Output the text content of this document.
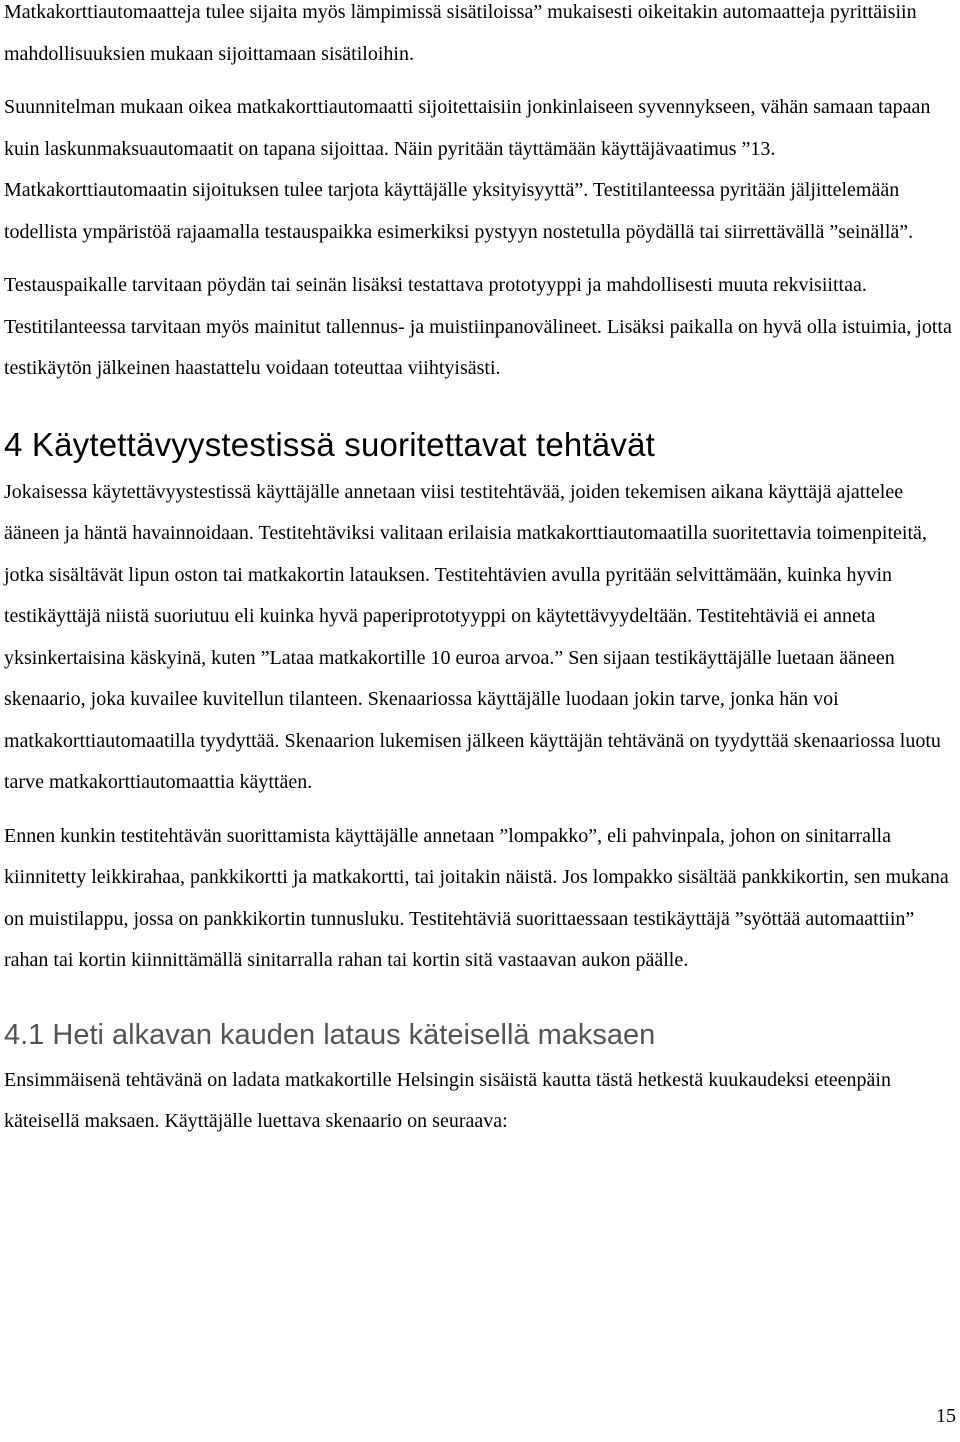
Matkakorttiautomaatteja tulee sijaita myös lämpimissä sisätiloissa” mukaisesti oikeitakin automaatteja pyrittäisiin mahdollisuuksien mukaan sijoittamaan sisätiloihin.

Suunnitelman mukaan oikea matkakorttiautomaatti sijoitettaisiin jonkinlaiseen syvennykseen, vähän samaan tapaan kuin laskunmaksuautomaatit on tapana sijoittaa. Näin pyritään täyttämään käyttäjävaatimus ”13. Matkakorttiautomaatin sijoituksen tulee tarjota käyttäjälle yksityisyyttä”. Testitilanteessa pyritään jäljittelemään todellista ympäristöä rajaamalla testauspaikka esimerkiksi pystyyn nostetulla pöydällä tai siirrettävällä ”seinällä”.

Testauspaikalle tarvitaan pöydän tai seinän lisäksi testattava prototyyppi ja mahdollisesti muuta rekvisiittaa. Testitilanteessa tarvitaan myös mainitut tallennus- ja muistiinpanovälineet. Lisäksi paikalla on hyvä olla istuimia, jotta testikäytön jälkeinen haastattelu voidaan toteuttaa viihtyisästi.

4 Käytettävyystestissä suoritettavat tehtävät

Jokaisessa käytettävyystestissä käyttäjälle annetaan viisi testitehtävää, joiden tekemisen aikana käyttäjä ajattelee ääneen ja häntä havainnoidaan. Testitehtäviksi valitaan erilaisia matkakorttiautomaatilla suoritettavia toimenpiteitä, jotka sisältävät lipun oston tai matkakortin latauksen. Testitehtävien avulla pyritään selvittämään, kuinka hyvin testikäyttäjä niistä suoriutuu eli kuinka hyvä paperiprototyyppi on käytettävyydeltään. Testitehtäviä ei anneta yksinkertaisina käskyinä, kuten ”Lataa matkakortille 10 euroa arvoa.” Sen sijaan testikäyttäjälle luetaan ääneen skenaario, joka kuvailee kuvitellun tilanteen. Skenaariossa käyttäjälle luodaan jokin tarve, jonka hän voi matkakorttiautomaatilla tyydyttää. Skenaarion lukemisen jälkeen käyttäjän tehtävänä on tyydyttää skenaariossa luotu tarve matkakorttiautomaattia käyttäen.

Ennen kunkin testitehtävän suorittamista käyttäjälle annetaan ”lompakko”, eli pahvinpala, johon on sinitarralla kiinnitetty leikkirahaa, pankkikortti ja matkakortti, tai joitakin näistä. Jos lompakko sisältää pankkikortin, sen mukana on muistilappu, jossa on pankkikortin tunnusluku. Testitehtäviä suorittaessaan testikäyttäjä ”syöttää automaattiin” rahan tai kortin kiinnittämällä sinitarralla rahan tai kortin sitä vastaavan aukon päälle.

4.1 Heti alkavan kauden lataus käteisellä maksaen

Ensimmäisenä tehtävänä on ladata matkakortille Helsingin sisäistä kautta tästä hetkestä kuukaudeksi eteenpäin käteisellä maksaen. Käyttäjälle luettava skenaario on seuraava:

15
